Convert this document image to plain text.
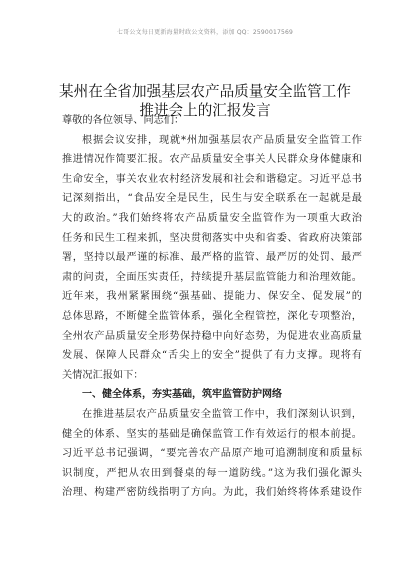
七哥公文每日更新海量时政公文资料，添加 QQ：2590017569
某州在全省加强基层农产品质量安全监管工作
推进会上的汇报发言
尊敬的各位领导、同志们：
根据会议安排，现就*州加强基层农产品质量安全监管工作
推进情况作简要汇报。农产品质量安全事关人民群众身体健康和
生命安全，事关农业农村经济发展和社会和谐稳定。习近平总书
记深刻指出，“食品安全是民生，民生与安全联系在一起就是最
大的政治。”我们始终将农产品质量安全监管作为一项重大政治
任务和民生工程来抓，坚决贯彻落实中央和省委、省政府决策部
署，坚持以最严谨的标准、最严格的监管、最严厉的处罚、最严
肃的问责，全面压实责任，持续提升基层监管能力和治理效能。
近年来，我州紧紧围绕“强基础、提能力、保安全、促发展”的
总体思路，不断健全监管体系，强化全程管控，深化专项整治，
全州农产品质量安全形势保持稳中向好态势，为促进农业高质量
发展、保障人民群众“舌尖上的安全”提供了有力支撑。现将有
关情况汇报如下：
一、健全体系，夯实基础，筑牢监管防护网络
在推进基层农产品质量安全监管工作中，我们深刻认识到，
健全的体系、坚实的基础是确保监管工作有效运行的根本前提。
习近平总书记强调，“要完善农产品原产地可追溯制度和质量标
识制度，严把从农田到餐桌的每一道防线。”这为我们强化源头
治理、构建严密防线指明了方向。为此，我们始终将体系建设作
